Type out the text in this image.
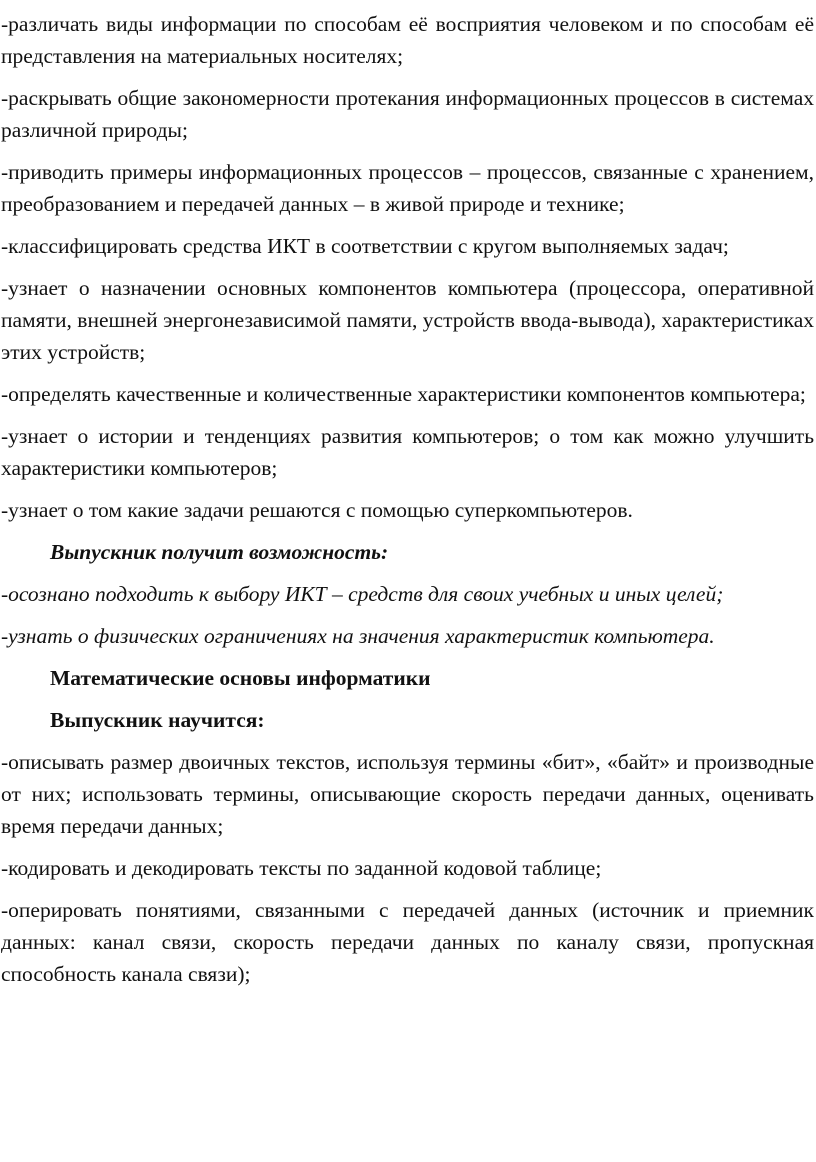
-различать виды информации по способам её восприятия человеком и по способам её представления на материальных носителях;

-раскрывать общие закономерности протекания информационных процессов в системах различной природы;

-приводить примеры информационных процессов – процессов, связанные с хранением, преобразованием и передачей данных – в живой природе и технике;

-классифицировать средства ИКТ в соответствии с кругом выполняемых задач;

-узнает о назначении основных компонентов компьютера (процессора, оперативной памяти, внешней энергонезависимой памяти, устройств ввода-вывода), характеристиках этих устройств;

-определять качественные и количественные характеристики компонентов компьютера;

-узнает о истории и тенденциях развития компьютеров; о том как можно улучшить характеристики компьютеров;

-узнает о том какие задачи решаются с помощью суперкомпьютеров.

Выпускник получит возможность:

-осознано подходить к выбору ИКТ – средств для своих учебных и иных целей;

-узнать о физических ограничениях на значения характеристик компьютера.

Математические основы информатики

Выпускник научится:

-описывать размер двоичных текстов, используя термины «бит», «байт» и производные от них; использовать термины, описывающие скорость передачи данных, оценивать время передачи данных;

-кодировать и декодировать тексты по заданной кодовой таблице;

-оперировать понятиями, связанными с передачей данных (источник и приемник данных: канал связи, скорость передачи данных по каналу связи, пропускная способность канала связи);
